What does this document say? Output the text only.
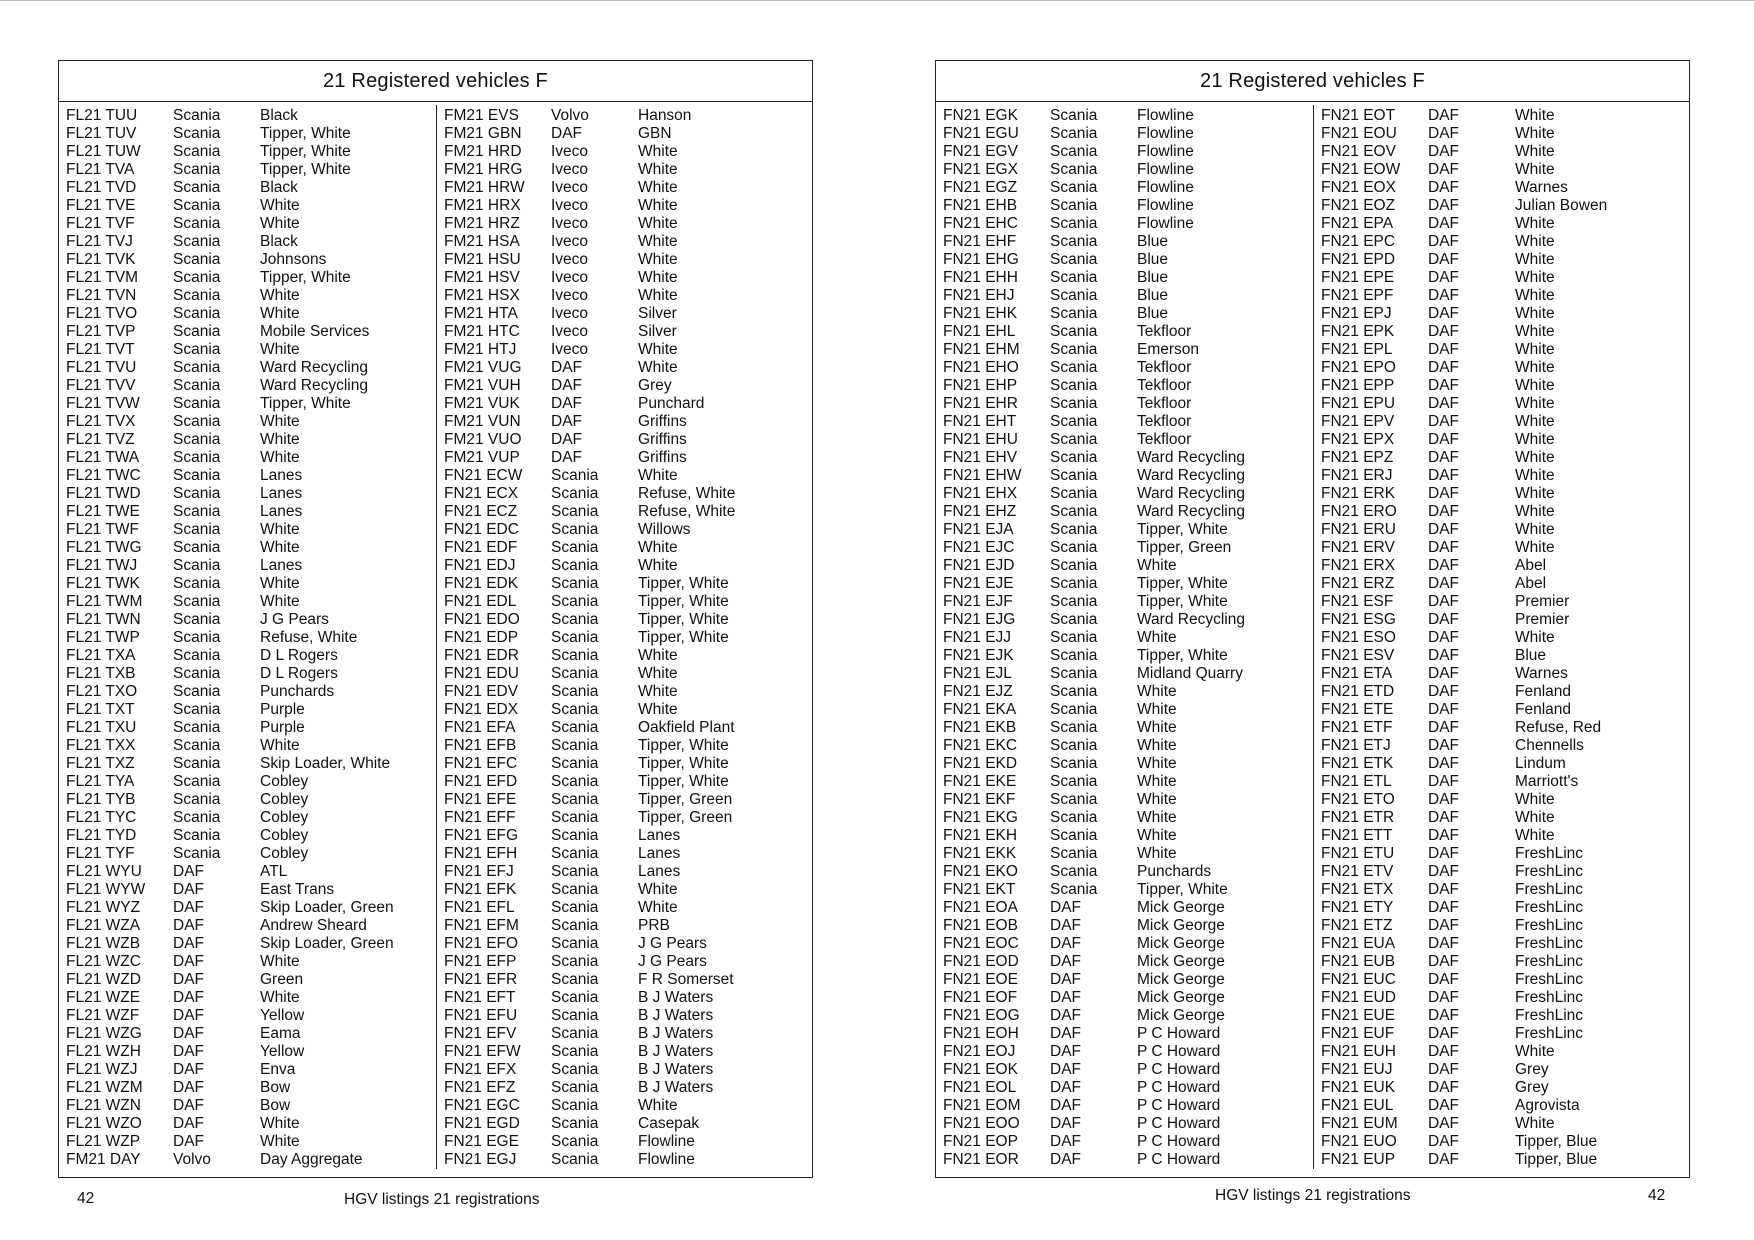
21 Registered vehicles F
FL21 TUU	Scania	Black
FL21 TUV	Scania	Tipper, White
FL21 TUW	Scania	Tipper, White
FL21 TVA	Scania	Tipper, White
FL21 TVD	Scania	Black
FL21 TVE	Scania	White
FL21 TVF	Scania	White
FL21 TVJ	Scania	Black
FL21 TVK	Scania	Johnsons
FL21 TVM	Scania	Tipper, White
FL21 TVN	Scania	White
FL21 TVO	Scania	White
FL21 TVP	Scania	Mobile Services
FL21 TVT	Scania	White
FL21 TVU	Scania	Ward Recycling
FL21 TVV	Scania	Ward Recycling
FL21 TVW	Scania	Tipper, White
FL21 TVX	Scania	White
FL21 TVZ	Scania	White
FL21 TWA	Scania	White
FL21 TWC	Scania	Lanes
FL21 TWD	Scania	Lanes
FL21 TWE	Scania	Lanes
FL21 TWF	Scania	White
FL21 TWG	Scania	White
FL21 TWJ	Scania	Lanes
FL21 TWK	Scania	White
FL21 TWM	Scania	White
FL21 TWN	Scania	J G Pears
FL21 TWP	Scania	Refuse, White
FL21 TXA	Scania	D L Rogers
FL21 TXB	Scania	D L Rogers
FL21 TXO	Scania	Punchards
FL21 TXT	Scania	Purple
FL21 TXU	Scania	Purple
FL21 TXX	Scania	White
FL21 TXZ	Scania	Skip Loader, White
FL21 TYA	Scania	Cobley
FL21 TYB	Scania	Cobley
FL21 TYC	Scania	Cobley
FL21 TYD	Scania	Cobley
FL21 TYF	Scania	Cobley
FL21 WYU	DAF	ATL
FL21 WYW	DAF	East Trans
FL21 WYZ	DAF	Skip Loader, Green
FL21 WZA	DAF	Andrew Sheard
FL21 WZB	DAF	Skip Loader, Green
FL21 WZC	DAF	White
FL21 WZD	DAF	Green
FL21 WZE	DAF	White
FL21 WZF	DAF	Yellow
FL21 WZG	DAF	Eama
FL21 WZH	DAF	Yellow
FL21 WZJ	DAF	Enva
FL21 WZM	DAF	Bow
FL21 WZN	DAF	Bow
FL21 WZO	DAF	White
FL21 WZP	DAF	White
FM21 DAY	Volvo	Day Aggregate
FM21 EVS	Volvo	Hanson
FM21 GBN	DAF	GBN
FM21 HRD	Iveco	White
FM21 HRG	Iveco	White
FM21 HRW	Iveco	White
FM21 HRX	Iveco	White
FM21 HRZ	Iveco	White
FM21 HSA	Iveco	White
FM21 HSU	Iveco	White
FM21 HSV	Iveco	White
FM21 HSX	Iveco	White
FM21 HTA	Iveco	Silver
FM21 HTC	Iveco	Silver
FM21 HTJ	Iveco	White
FM21 VUG	DAF	White
FM21 VUH	DAF	Grey
FM21 VUK	DAF	Punchard
FM21 VUN	DAF	Griffins
FM21 VUO	DAF	Griffins
FM21 VUP	DAF	Griffins
FN21 ECW	Scania	White
FN21 ECX	Scania	Refuse, White
FN21 ECZ	Scania	Refuse, White
FN21 EDC	Scania	Willows
FN21 EDF	Scania	White
FN21 EDJ	Scania	White
FN21 EDK	Scania	Tipper, White
FN21 EDL	Scania	Tipper, White
FN21 EDO	Scania	Tipper, White
FN21 EDP	Scania	Tipper, White
FN21 EDR	Scania	White
FN21 EDU	Scania	White
FN21 EDV	Scania	White
FN21 EDX	Scania	White
FN21 EFA	Scania	Oakfield Plant
FN21 EFB	Scania	Tipper, White
FN21 EFC	Scania	Tipper, White
FN21 EFD	Scania	Tipper, White
FN21 EFE	Scania	Tipper, Green
FN21 EFF	Scania	Tipper, Green
FN21 EFG	Scania	Lanes
FN21 EFH	Scania	Lanes
FN21 EFJ	Scania	Lanes
FN21 EFK	Scania	White
FN21 EFL	Scania	White
FN21 EFM	Scania	PRB
FN21 EFO	Scania	J G Pears
FN21 EFP	Scania	J G Pears
FN21 EFR	Scania	F R Somerset
FN21 EFT	Scania	B J Waters
FN21 EFU	Scania	B J Waters
FN21 EFV	Scania	B J Waters
FN21 EFW	Scania	B J Waters
FN21 EFX	Scania	B J Waters
FN21 EFZ	Scania	B J Waters
FN21 EGC	Scania	White
FN21 EGD	Scania	Casepak
FN21 EGE	Scania	Flowline
FN21 EGJ	Scania	Flowline
42	HGV listings 21 registrations
21 Registered vehicles F
FN21 EGK	Scania	Flowline
FN21 EGU	Scania	Flowline
FN21 EGV	Scania	Flowline
FN21 EGX	Scania	Flowline
FN21 EGZ	Scania	Flowline
FN21 EHB	Scania	Flowline
FN21 EHC	Scania	Flowline
FN21 EHF	Scania	Blue
FN21 EHG	Scania	Blue
FN21 EHH	Scania	Blue
FN21 EHJ	Scania	Blue
FN21 EHK	Scania	Blue
FN21 EHL	Scania	Tekfloor
FN21 EHM	Scania	Emerson
FN21 EHO	Scania	Tekfloor
FN21 EHP	Scania	Tekfloor
FN21 EHR	Scania	Tekfloor
FN21 EHT	Scania	Tekfloor
FN21 EHU	Scania	Tekfloor
FN21 EHV	Scania	Ward Recycling
FN21 EHW	Scania	Ward Recycling
FN21 EHX	Scania	Ward Recycling
FN21 EHZ	Scania	Ward Recycling
FN21 EJA	Scania	Tipper, White
FN21 EJC	Scania	Tipper, Green
FN21 EJD	Scania	White
FN21 EJE	Scania	Tipper, White
FN21 EJF	Scania	Tipper, White
FN21 EJG	Scania	Ward Recycling
FN21 EJJ	Scania	White
FN21 EJK	Scania	Tipper, White
FN21 EJL	Scania	Midland Quarry
FN21 EJZ	Scania	White
FN21 EKA	Scania	White
FN21 EKB	Scania	White
FN21 EKC	Scania	White
FN21 EKD	Scania	White
FN21 EKE	Scania	White
FN21 EKF	Scania	White
FN21 EKG	Scania	White
FN21 EKH	Scania	White
FN21 EKK	Scania	White
FN21 EKO	Scania	Punchards
FN21 EKT	Scania	Tipper, White
FN21 EOA	DAF	Mick George
FN21 EOB	DAF	Mick George
FN21 EOC	DAF	Mick George
FN21 EOD	DAF	Mick George
FN21 EOE	DAF	Mick George
FN21 EOF	DAF	Mick George
FN21 EOG	DAF	Mick George
FN21 EOH	DAF	P C Howard
FN21 EOJ	DAF	P C Howard
FN21 EOK	DAF	P C Howard
FN21 EOL	DAF	P C Howard
FN21 EOM	DAF	P C Howard
FN21 EOO	DAF	P C Howard
FN21 EOP	DAF	P C Howard
FN21 EOR	DAF	P C Howard
FN21 EOT	DAF	White
FN21 EOU	DAF	White
FN21 EOV	DAF	White
FN21 EOW	DAF	White
FN21 EOX	DAF	Warnes
FN21 EOZ	DAF	Julian Bowen
FN21 EPA	DAF	White
FN21 EPC	DAF	White
FN21 EPD	DAF	White
FN21 EPE	DAF	White
FN21 EPF	DAF	White
FN21 EPJ	DAF	White
FN21 EPK	DAF	White
FN21 EPL	DAF	White
FN21 EPO	DAF	White
FN21 EPP	DAF	White
FN21 EPU	DAF	White
FN21 EPV	DAF	White
FN21 EPX	DAF	White
FN21 EPZ	DAF	White
FN21 ERJ	DAF	White
FN21 ERK	DAF	White
FN21 ERO	DAF	White
FN21 ERU	DAF	White
FN21 ERV	DAF	White
FN21 ERX	DAF	Abel
FN21 ERZ	DAF	Abel
FN21 ESF	DAF	Premier
FN21 ESG	DAF	Premier
FN21 ESO	DAF	White
FN21 ESV	DAF	Blue
FN21 ETA	DAF	Warnes
FN21 ETD	DAF	Fenland
FN21 ETE	DAF	Fenland
FN21 ETF	DAF	Refuse, Red
FN21 ETJ	DAF	Chennells
FN21 ETK	DAF	Lindum
FN21 ETL	DAF	Marriott's
FN21 ETO	DAF	White
FN21 ETR	DAF	White
FN21 ETT	DAF	White
FN21 ETU	DAF	FreshLinc
FN21 ETV	DAF	FreshLinc
FN21 ETX	DAF	FreshLinc
FN21 ETY	DAF	FreshLinc
FN21 ETZ	DAF	FreshLinc
FN21 EUA	DAF	FreshLinc
FN21 EUB	DAF	FreshLinc
FN21 EUC	DAF	FreshLinc
FN21 EUD	DAF	FreshLinc
FN21 EUE	DAF	FreshLinc
FN21 EUF	DAF	FreshLinc
FN21 EUH	DAF	White
FN21 EUJ	DAF	Grey
FN21 EUK	DAF	Grey
FN21 EUL	DAF	Agrovista
FN21 EUM	DAF	White
FN21 EUO	DAF	Tipper, Blue
FN21 EUP	DAF	Tipper, Blue
HGV listings 21 registrations	42
